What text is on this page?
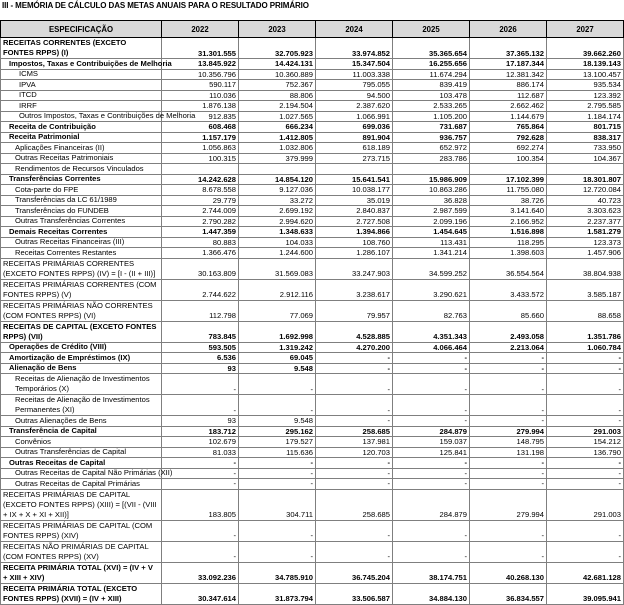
III - MEMÓRIA DE CÁLCULO DAS METAS ANUAIS PARA O RESULTADO PRIMÁRIO
ESPECIFICAÇÃO	2022	2023	2024	2025	2026	2027
RECEITAS CORRENTES (EXCETO FONTES RPPS) (I)	31.301.555	32.705.923	33.974.852	35.365.654	37.365.132	39.662.260
Impostos, Taxas e Contribuições de Melhoria	13.845.922	14.424.131	15.347.504	16.255.656	17.187.344	18.139.143
ICMS	10.356.796	10.360.889	11.003.338	11.674.294	12.381.342	13.100.457
IPVA	590.117	752.367	795.055	839.419	886.174	935.534
ITCD	110.036	88.806	94.500	103.478	112.687	123.392
IRRF	1.876.138	2.194.504	2.387.620	2.533.265	2.662.462	2.795.585
Outros Impostos, Taxas e Contribuições de Melhoria	912.835	1.027.565	1.066.991	1.105.200	1.144.679	1.184.174
Receita de Contribuição	608.468	666.234	699.036	731.687	765.864	801.715
Receita Patrimonial	1.157.179	1.412.805	891.904	936.757	792.628	838.317
Aplicações Financeiras (II)	1.056.863	1.032.806	618.189	652.972	692.274	733.950
Outras Receitas Patrimoniais	100.315	379.999	273.715	283.786	100.354	104.367
Rendimentos de Recursos Vinculados						
Transferências Correntes	14.242.628	14.854.120	15.641.541	15.986.909	17.102.399	18.301.807
Cota-parte do FPE	8.678.558	9.127.036	10.038.177	10.863.286	11.755.080	12.720.084
Transferências da LC 61/1989	29.779	33.272	35.019	36.828	38.726	40.723
Transferências do FUNDEB	2.744.009	2.699.192	2.840.837	2.987.599	3.141.640	3.303.623
Outras Transferências Correntes	2.790.282	2.994.620	2.727.508	2.099.196	2.166.952	2.237.377
Demais Receitas Correntes	1.447.359	1.348.633	1.394.866	1.454.645	1.516.898	1.581.279
Outras Receitas Financeiras (III)	80.883	104.033	108.760	113.431	118.295	123.373
Receitas Correntes Restantes	1.366.476	1.244.600	1.286.107	1.341.214	1.398.603	1.457.906
RECEITAS PRIMÁRIAS CORRENTES (EXCETO FONTES RPPS) (IV) = [I - (II + III)]	30.163.809	31.569.083	33.247.903	34.599.252	36.554.564	38.804.938
RECEITAS PRIMÁRIAS CORRENTES (COM FONTES RPPS) (V)	2.744.622	2.912.116	3.238.617	3.290.621	3.433.572	3.585.187
RECEITAS PRIMÁRIAS NÃO CORRENTES (COM FONTES RPPS) (VI)	112.798	77.069	79.957	82.763	85.660	88.658
RECEITAS DE CAPITAL (EXCETO FONTES RPPS) (VII)	783.845	1.692.998	4.528.885	4.351.343	2.493.058	1.351.786
Operações de Crédito (VIII)	593.505	1.319.242	4.270.200	4.066.464	2.213.064	1.060.784
Amortização de Empréstimos (IX)	6.536	69.045	-	-	-	-
Alienação de Bens	93	9.548	-	-	-	-
Receitas de Alienação de Investimentos Temporários (X)	-	-	-	-	-	-
Receitas de Alienação de Investimentos Permanentes (XI)	-	-	-	-	-	-
Outras Alienações de Bens	93	9.548	-	-	-	-
Transferência de Capital	183.712	295.162	258.685	284.879	279.994	291.003
Convênios	102.679	179.527	137.981	159.037	148.795	154.212
Outras Transferências de Capital	81.033	115.636	120.703	125.841	131.198	136.790
Outras Receitas de Capital	-	-	-	-	-	-
Outras Receitas de Capital Não Primárias (XII)	-	-	-	-	-	-
Outras Receitas de Capital Primárias	-	-	-	-	-	-
RECEITAS PRIMÁRIAS DE CAPITAL (EXCETO FONTES RPPS) (XIII) = [(VII - (VIII + IX + X + XI + XII)]	183.805	304.711	258.685	284.879	279.994	291.003
RECEITAS PRIMÁRIAS DE CAPITAL (COM FONTES RPPS) (XIV)	-	-	-	-	-	-
RECEITAS NÃO PRIMÁRIAS DE CAPITAL (COM FONTES RPPS) (XV)	-	-	-	-	-	-
RECEITA PRIMÁRIA TOTAL (XVI) = (IV + V + XIII + XIV)	33.092.236	34.785.910	36.745.204	38.174.751	40.268.130	42.681.128
RECEITA PRIMÁRIA TOTAL (EXCETO FONTES RPPS) (XVII) = (IV + XIII)	30.347.614	31.873.794	33.506.587	34.884.130	36.834.557	39.095.941
